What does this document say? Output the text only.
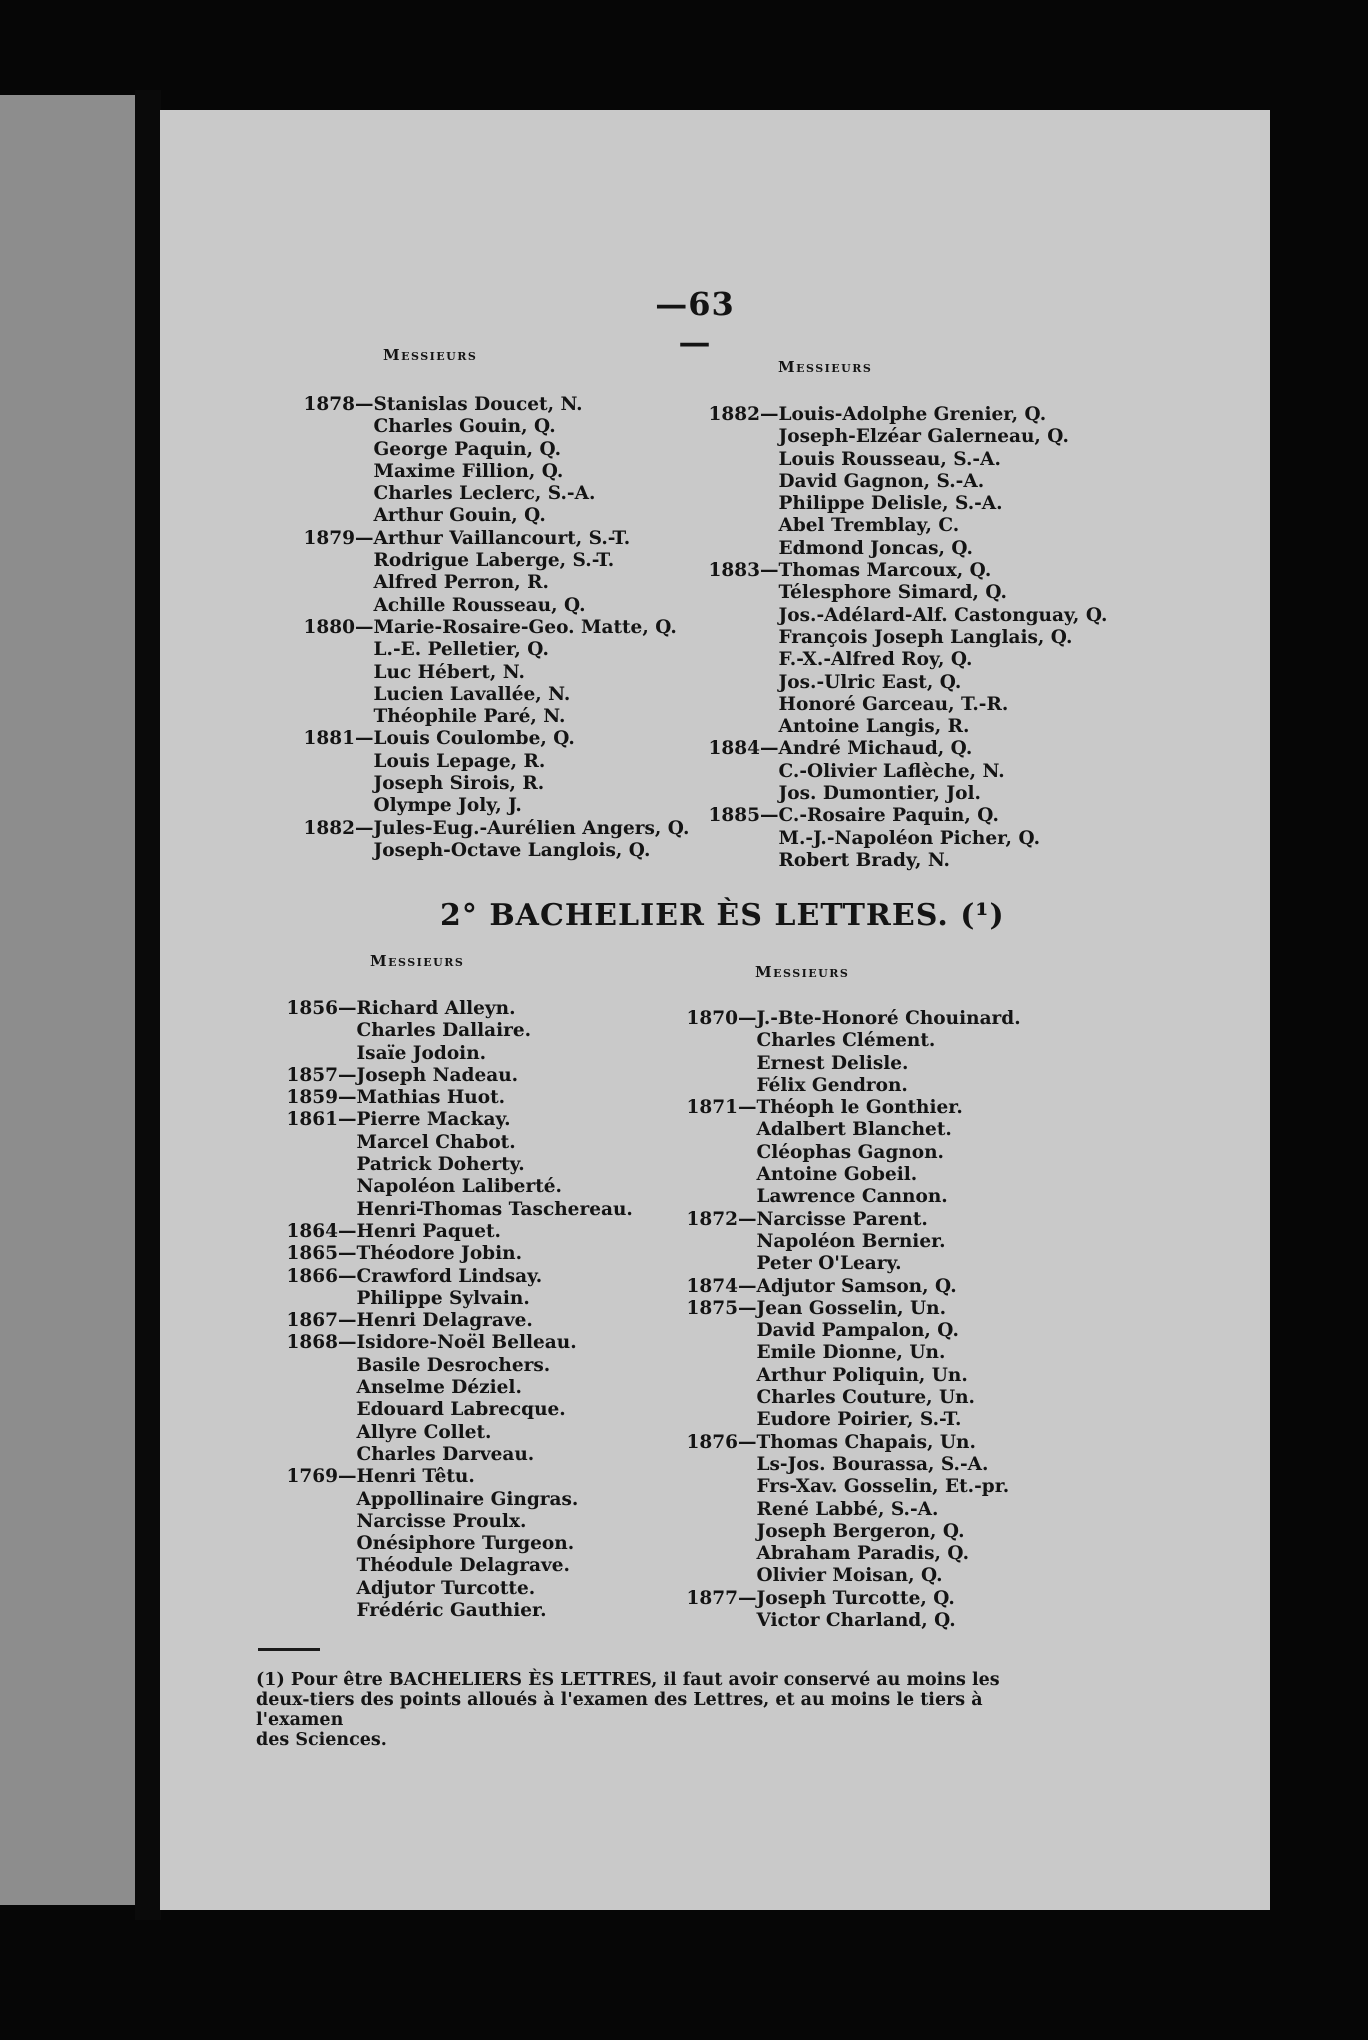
—63 —
Messieurs
Messieurs
1878 — Stanislas Doucet, N.

Charles Gouin, Q.

George Paquin, Q.

Maxime Fillion, Q.

Charles Leclerc, S.-A.

Arthur Gouin, Q.
1879 — Arthur Vaillancourt, S.-T.

Rodrigue Laberge, S.-T.

Alfred Perron, R.

Achille Rousseau, Q.
1880 — Marie-Rosaire-Geo. Matte, Q.

L.-E. Pelletier, Q.

Luc Hébert, N.

Lucien Lavallée, N.

Théophile Paré, N.
1881 — Louis Coulombe, Q.

Louis Lepage, R.

Joseph Sirois, R.

Olympe Joly, J.
1882 — Jules-Eug.-Aurélien Angers, Q.

Joseph-Octave Langlois, Q.
1882 — Louis-Adolphe Grenier, Q.

Joseph-Elzéar Galerneau, Q.

Louis Rousseau, S.-A.

David Gagnon, S.-A.

Philippe Delisle, S.-A.

Abel Tremblay, C.

Edmond Joncas, Q.
1883 — Thomas Marcoux, Q.

Télesphore Simard, Q.

Jos.-Adélard-Alf. Castonguay, Q.

François Joseph Langlais, Q.

F.-X.-Alfred Roy, Q.

Jos.-Ulric East, Q.

Honoré Garceau, T.-R.

Antoine Langis, R.
1884 — André Michaud, Q.

C.-Olivier Laflèche, N.

Jos. Dumontier, Jol.
1885 — C.-Rosaire Paquin, Q.

M.-J.-Napoléon Picher, Q.

Robert Brady, N.
2° BACHELIER ÈS LETTRES. (¹)
Messieurs
Messieurs
1856 — Richard Alleyn.

Charles Dallaire.

Isaïe Jodoin.
1857 — Joseph Nadeau.
1859 — Mathias Huot.
1861 — Pierre Mackay.

Marcel Chabot.

Patrick Doherty.

Napoléon Laliberté.

Henri-Thomas Taschereau.
1864 — Henri Paquet.
1865 — Théodore Jobin.
1866 — Crawford Lindsay.

Philippe Sylvain.
1867 — Henri Delagrave.
1868 — Isidore-Noël Belleau.

Basile Desrochers.

Anselme Déziel.

Edouard Labrecque.

Allyre Collet.

Charles Darveau.
1769 — Henri Têtu.

Appollinaire Gingras.

Narcisse Proulx.

Onésiphore Turgeon.

Théodule Delagrave.

Adjutor Turcotte.

Frédéric Gauthier.
1870 — J.-Bte-Honoré Chouinard.

Charles Clément.

Ernest Delisle.

Félix Gendron.
1871 — Théoph le Gonthier.

Adalbert Blanchet.

Cléophas Gagnon.

Antoine Gobeil.

Lawrence Cannon.
1872 — Narcisse Parent.

Napoléon Bernier.

Peter O'Leary.
1874 — Adjutor Samson, Q.
1875 — Jean Gosselin, Un.

David Pampalon, Q.

Emile Dionne, Un.

Arthur Poliquin, Un.

Charles Couture, Un.

Eudore Poirier, S.-T.
1876 — Thomas Chapais, Un.

Ls-Jos. Bourassa, S.-A.

Frs-Xav. Gosselin, Et.-pr.

René Labbé, S.-A.

Joseph Bergeron, Q.

Abraham Paradis, Q.

Olivier Moisan, Q.
1877 — Joseph Turcotte, Q.

Victor Charland, Q.
(1) Pour être BACHELIERS ÈS LETTRES, il faut avoir conservé au moins les
deux-tiers des points alloués à l'examen des Lettres, et au moins le tiers à l'examen
des Sciences.
